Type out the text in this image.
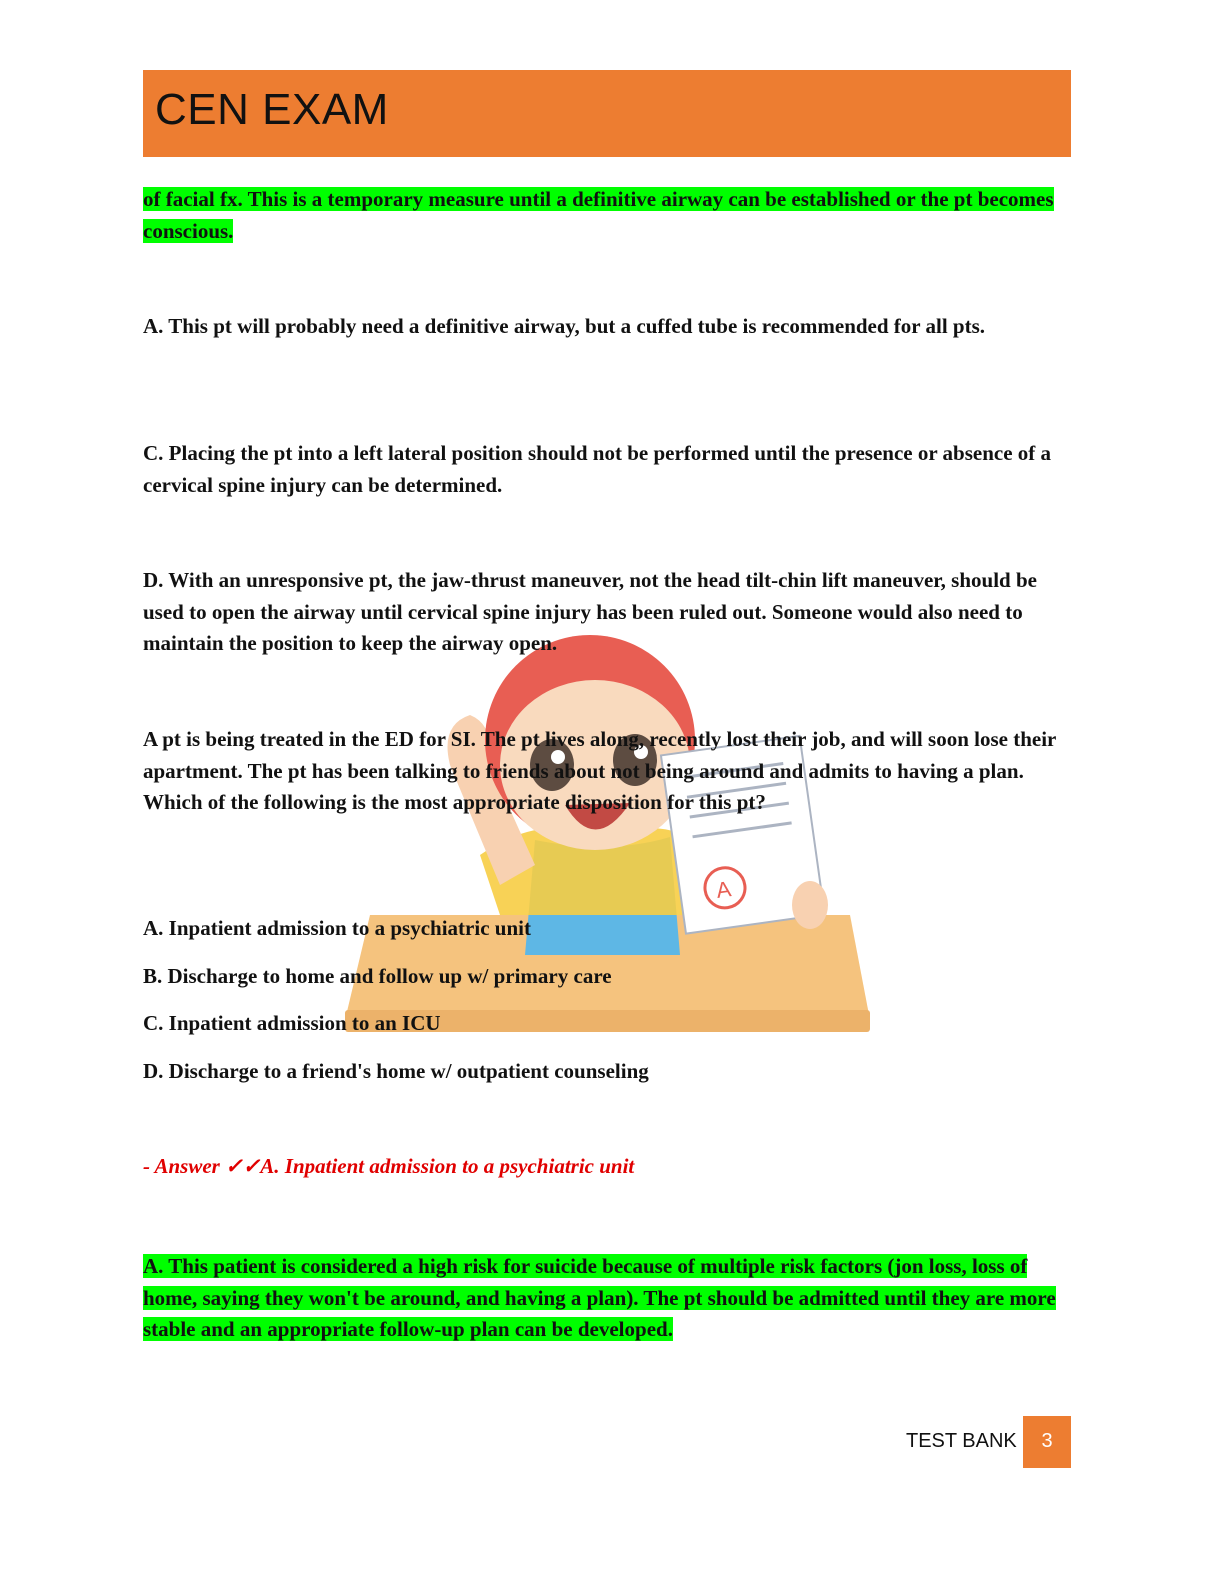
CEN EXAM
A

of facial fx. This is a temporary measure until a definitive airway can be established or the pt becomes conscious.

A. This pt will probably need a definitive airway, but a cuffed tube is recommended for all pts.

C. Placing the pt into a left lateral position should not be performed until the presence or absence of a cervical spine injury can be determined.

D. With an unresponsive pt, the jaw-thrust maneuver, not the head tilt-chin lift maneuver, should be used to open the airway until cervical spine injury has been ruled out. Someone would also need to maintain the position to keep the airway open.

A pt is being treated in the ED for SI. The pt lives along, recently lost their job, and will soon lose their apartment. The pt has been talking to friends about not being around and admits to having a plan. Which of the following is the most appropriate disposition for this pt?

A. Inpatient admission to a psychiatric unit

B. Discharge to home and follow up w/ primary care

C. Inpatient admission to an ICU

D. Discharge to a friend's home w/ outpatient counseling

- Answer ✓✓A. Inpatient admission to a psychiatric unit

A. This patient is considered a high risk for suicide because of multiple risk factors (jon loss, loss of home, saying they won't be around, and having a plan). The pt should be admitted until they are more stable and an appropriate follow-up plan can be developed.

TEST BANK	3
